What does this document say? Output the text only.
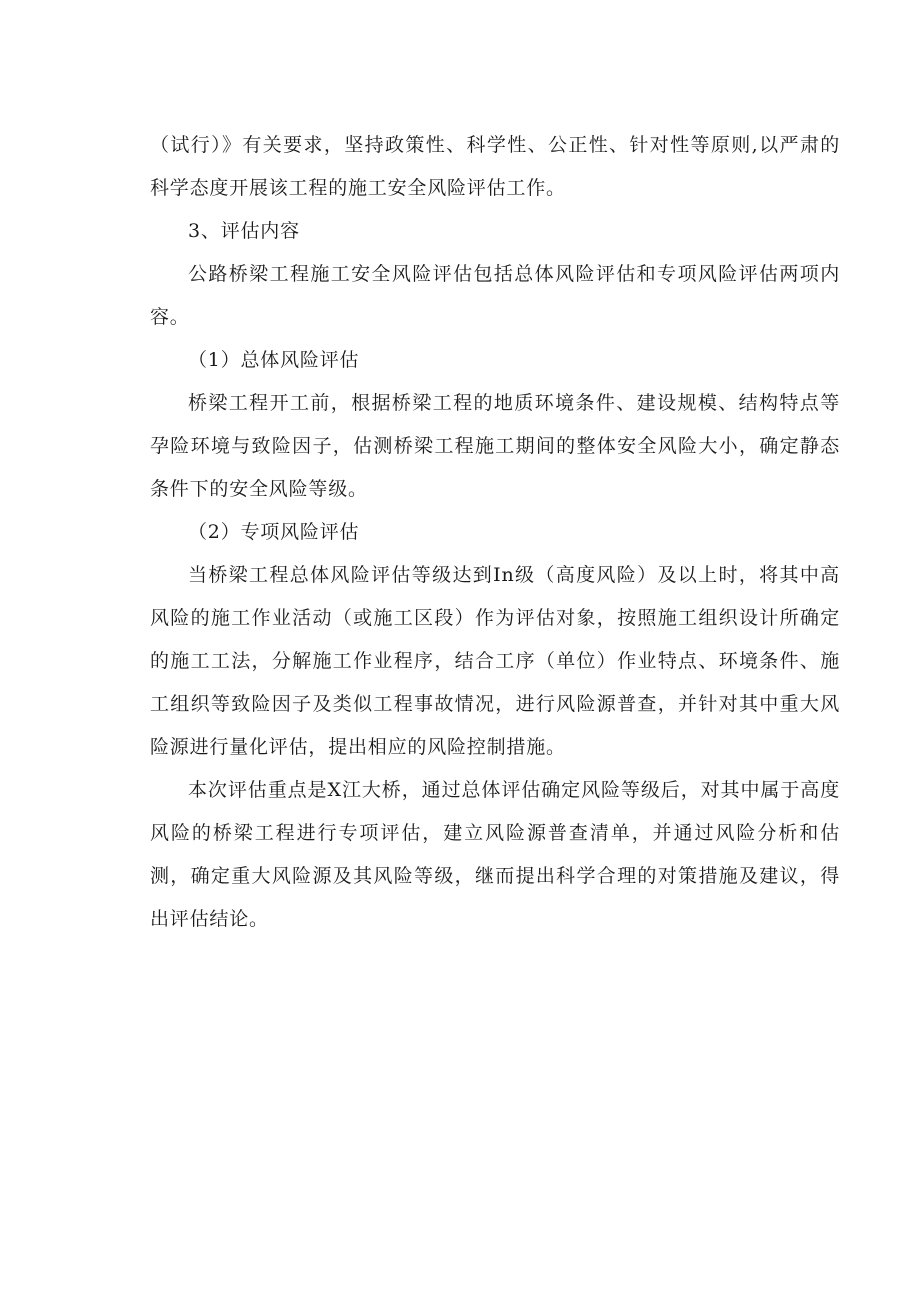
（试行）》有关要求，坚持政策性、科学性、公正性、针对性等原则,以严肃的科学态度开展该工程的施工安全风险评估工作。

3、评估内容

公路桥梁工程施工安全风险评估包括总体风险评估和专项风险评估两项内容。

（1）总体风险评估

桥梁工程开工前，根据桥梁工程的地质环境条件、建设规模、结构特点等孕险环境与致险因子，估测桥梁工程施工期间的整体安全风险大小，确定静态条件下的安全风险等级。

（2）专项风险评估

当桥梁工程总体风险评估等级达到In级（高度风险）及以上时，将其中高风险的施工作业活动（或施工区段）作为评估对象，按照施工组织设计所确定的施工工法，分解施工作业程序，结合工序（单位）作业特点、环境条件、施工组织等致险因子及类似工程事故情况，进行风险源普查，并针对其中重大风险源进行量化评估，提出相应的风险控制措施。

本次评估重点是X江大桥，通过总体评估确定风险等级后，对其中属于高度风险的桥梁工程进行专项评估，建立风险源普查清单，并通过风险分析和估测，确定重大风险源及其风险等级，继而提出科学合理的对策措施及建议，得出评估结论。
